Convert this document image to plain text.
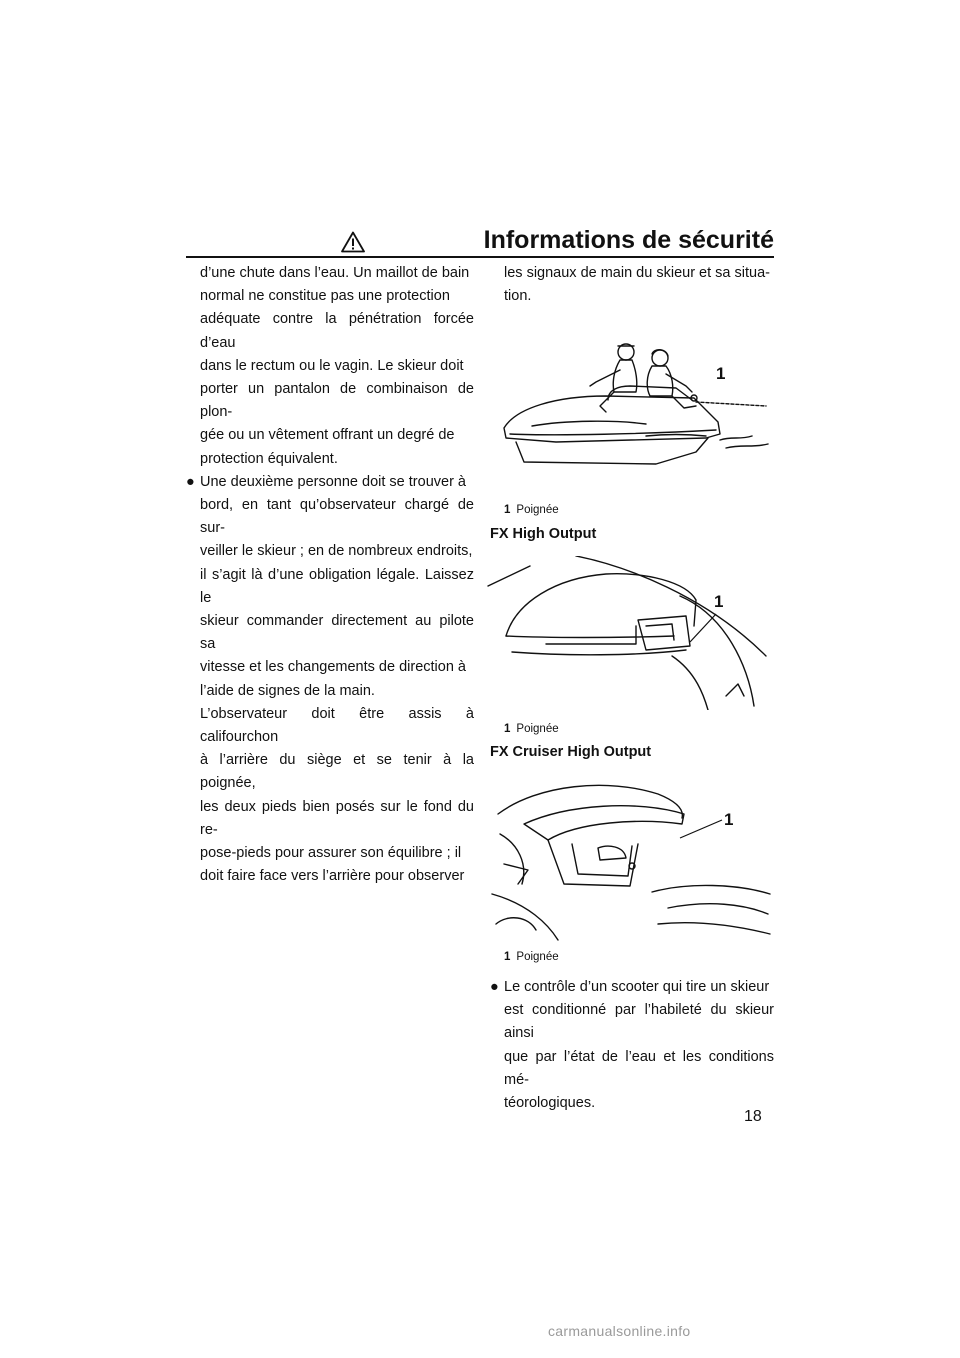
Informations de sécurité
d’une chute dans l’eau. Un maillot de bain
normal ne constitue pas une protection
adéquate contre la pénétration forcée d’eau
dans le rectum ou le vagin. Le skieur doit
porter un pantalon de combinaison de plon-
gée ou un vêtement offrant un degré de
protection équivalent.
● Une deuxième personne doit se trouver à
bord, en tant qu’observateur chargé de sur-
veiller le skieur ; en de nombreux endroits,
il s’agit là d’une obligation légale. Laissez le
skieur commander directement au pilote sa
vitesse et les changements de direction à
l’aide de signes de la main.
L’observateur doit être assis à califourchon
à l’arrière du siège et se tenir à la poignée,
les deux pieds bien posés sur le fond du re-
pose-pieds pour assurer son équilibre ; il
doit faire face vers l’arrière pour observer
les signaux de main du skieur et sa situa-
tion.
1
1 Poignée
FX High Output
1
1 Poignée
FX Cruiser High Output
1
1 Poignée
● Le contrôle d’un scooter qui tire un skieur
est conditionné par l’habileté du skieur ainsi
que par l’état de l’eau et les conditions mé-
téorologiques.
18
carmanualsonline.info
